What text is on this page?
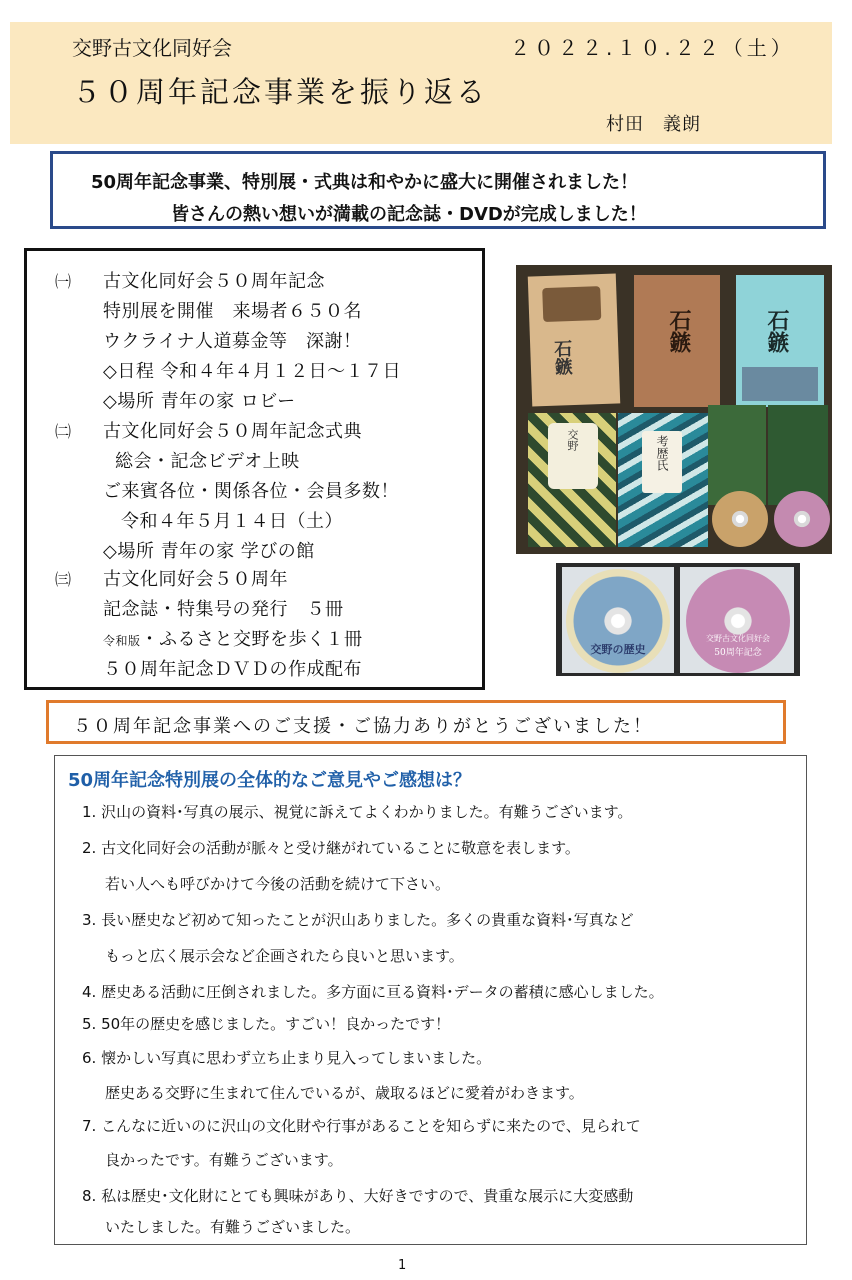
交野古文化同好会	２０２２.１０.２２（土）
５０周年記念事業を振り返る
村田　義朗
50周年記念事業、特別展・式典は和やかに盛大に開催されました！
皆さんの熱い想いが満載の記念誌・DVDが完成しました！
㈠ 古文化同好会５０周年記念
特別展を開催　来場者６５０名
ウクライナ人道募金等　深謝！
◇日程 令和４年４月１２日～１７日
◇場所 青年の家 ロビー
㈡ 古文化同好会５０周年記念式典
総会・記念ビデオ上映
ご来賓各位・関係各位・会員多数！
令和４年５月１４日（土）
◇場所 青年の家 学びの館
㈢ 古文化同好会５０周年
記念誌・特集号の発行　５冊
令和版・ふるさと交野を歩く１冊
５０周年記念ＤＶＤの作成配布
石鏃
石鏃	石鏃
交野	考歴氏
交野の歴史
交野古文化同好会
50周年記念
５０周年記念事業へのご支援・ご協力ありがとうございました！
50周年記念特別展の全体的なご意見やご感想は？
1. 沢山の資料･写真の展示、視覚に訴えてよくわかりました。有難うございます。
2. 古文化同好会の活動が脈々と受け継がれていることに敬意を表します。
若い人へも呼びかけて今後の活動を続けて下さい。
3. 長い歴史など初めて知ったことが沢山ありました。多くの貴重な資料･写真など
もっと広く展示会など企画されたら良いと思います。
4. 歴史ある活動に圧倒されました。多方面に亘る資料･データの蓄積に感心しました。
5. 50年の歴史を感じました。すごい！良かったです！
6. 懐かしい写真に思わず立ち止まり見入ってしまいました。
歴史ある交野に生まれて住んでいるが、歳取るほどに愛着がわきます。
7. こんなに近いのに沢山の文化財や行事があることを知らずに来たので、見られて
良かったです。有難うございます。
8. 私は歴史･文化財にとても興味があり、大好きですので、貴重な展示に大変感動
いたしました。有難うございました。
1
